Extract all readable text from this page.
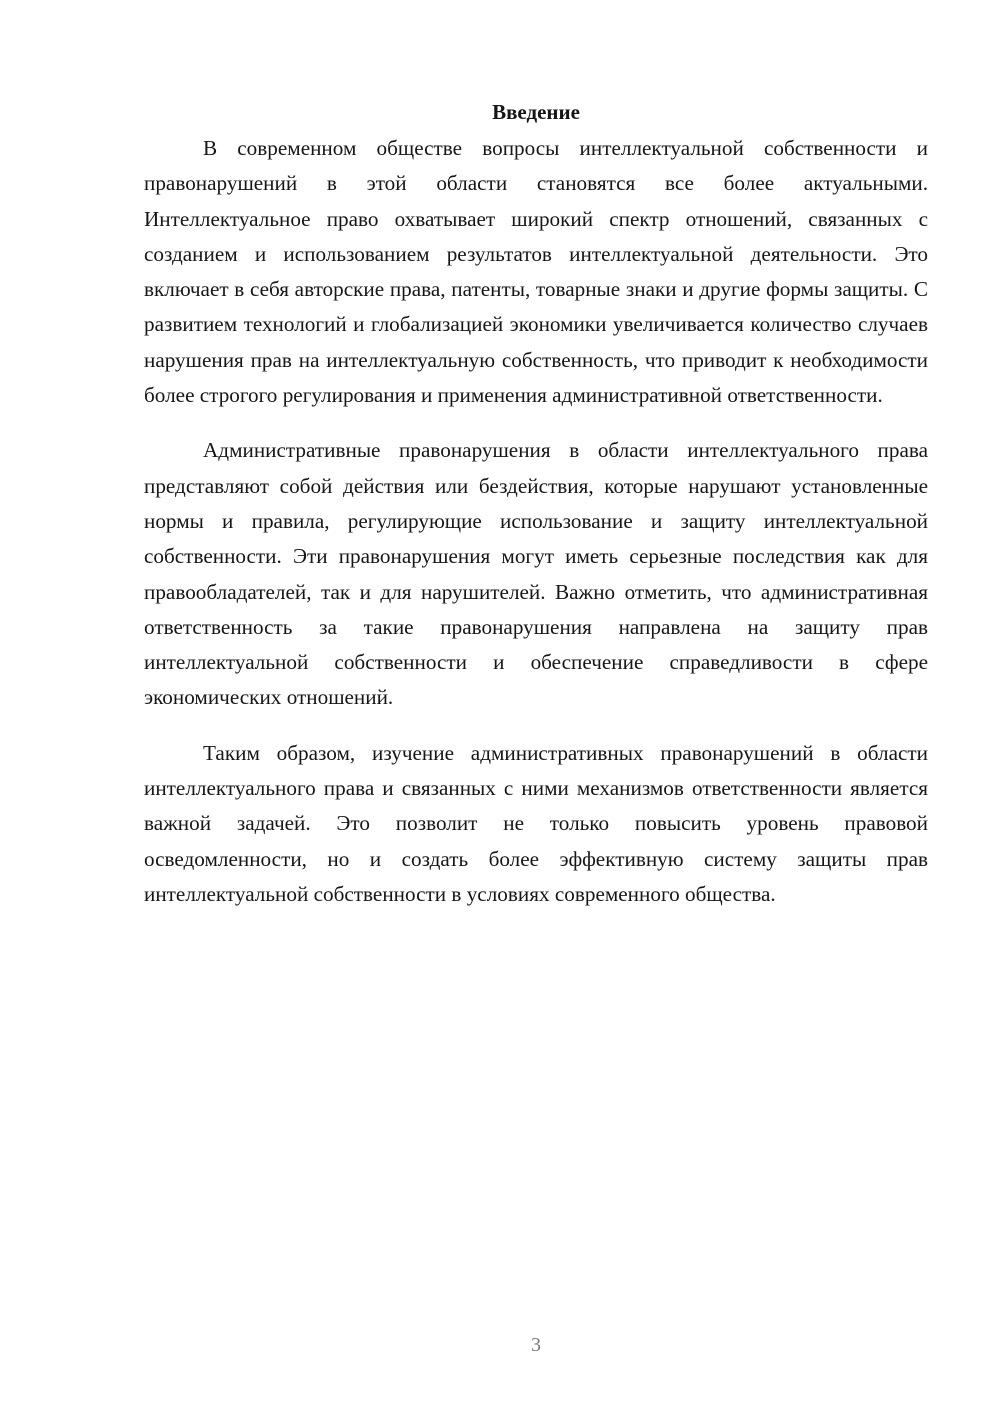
Введение

В современном обществе вопросы интеллектуальной собственности и правонарушений в этой области становятся все более актуальными. Интеллектуальное право охватывает широкий спектр отношений, связанных с созданием и использованием результатов интеллектуальной деятельности. Это включает в себя авторские права, патенты, товарные знаки и другие формы защиты. С развитием технологий и глобализацией экономики увеличивается количество случаев нарушения прав на интеллектуальную собственность, что приводит к необходимости более строгого регулирования и применения административной ответственности.

Административные правонарушения в области интеллектуального права представляют собой действия или бездействия, которые нарушают установленные нормы и правила, регулирующие использование и защиту интеллектуальной собственности. Эти правонарушения могут иметь серьезные последствия как для правообладателей, так и для нарушителей. Важно отметить, что административная ответственность за такие правонарушения направлена на защиту прав интеллектуальной собственности и обеспечение справедливости в сфере экономических отношений.

Таким образом, изучение административных правонарушений в области интеллектуального права и связанных с ними механизмов ответственности является важной задачей. Это позволит не только повысить уровень правовой осведомленности, но и создать более эффективную систему защиты прав интеллектуальной собственности в условиях современного общества.

3
